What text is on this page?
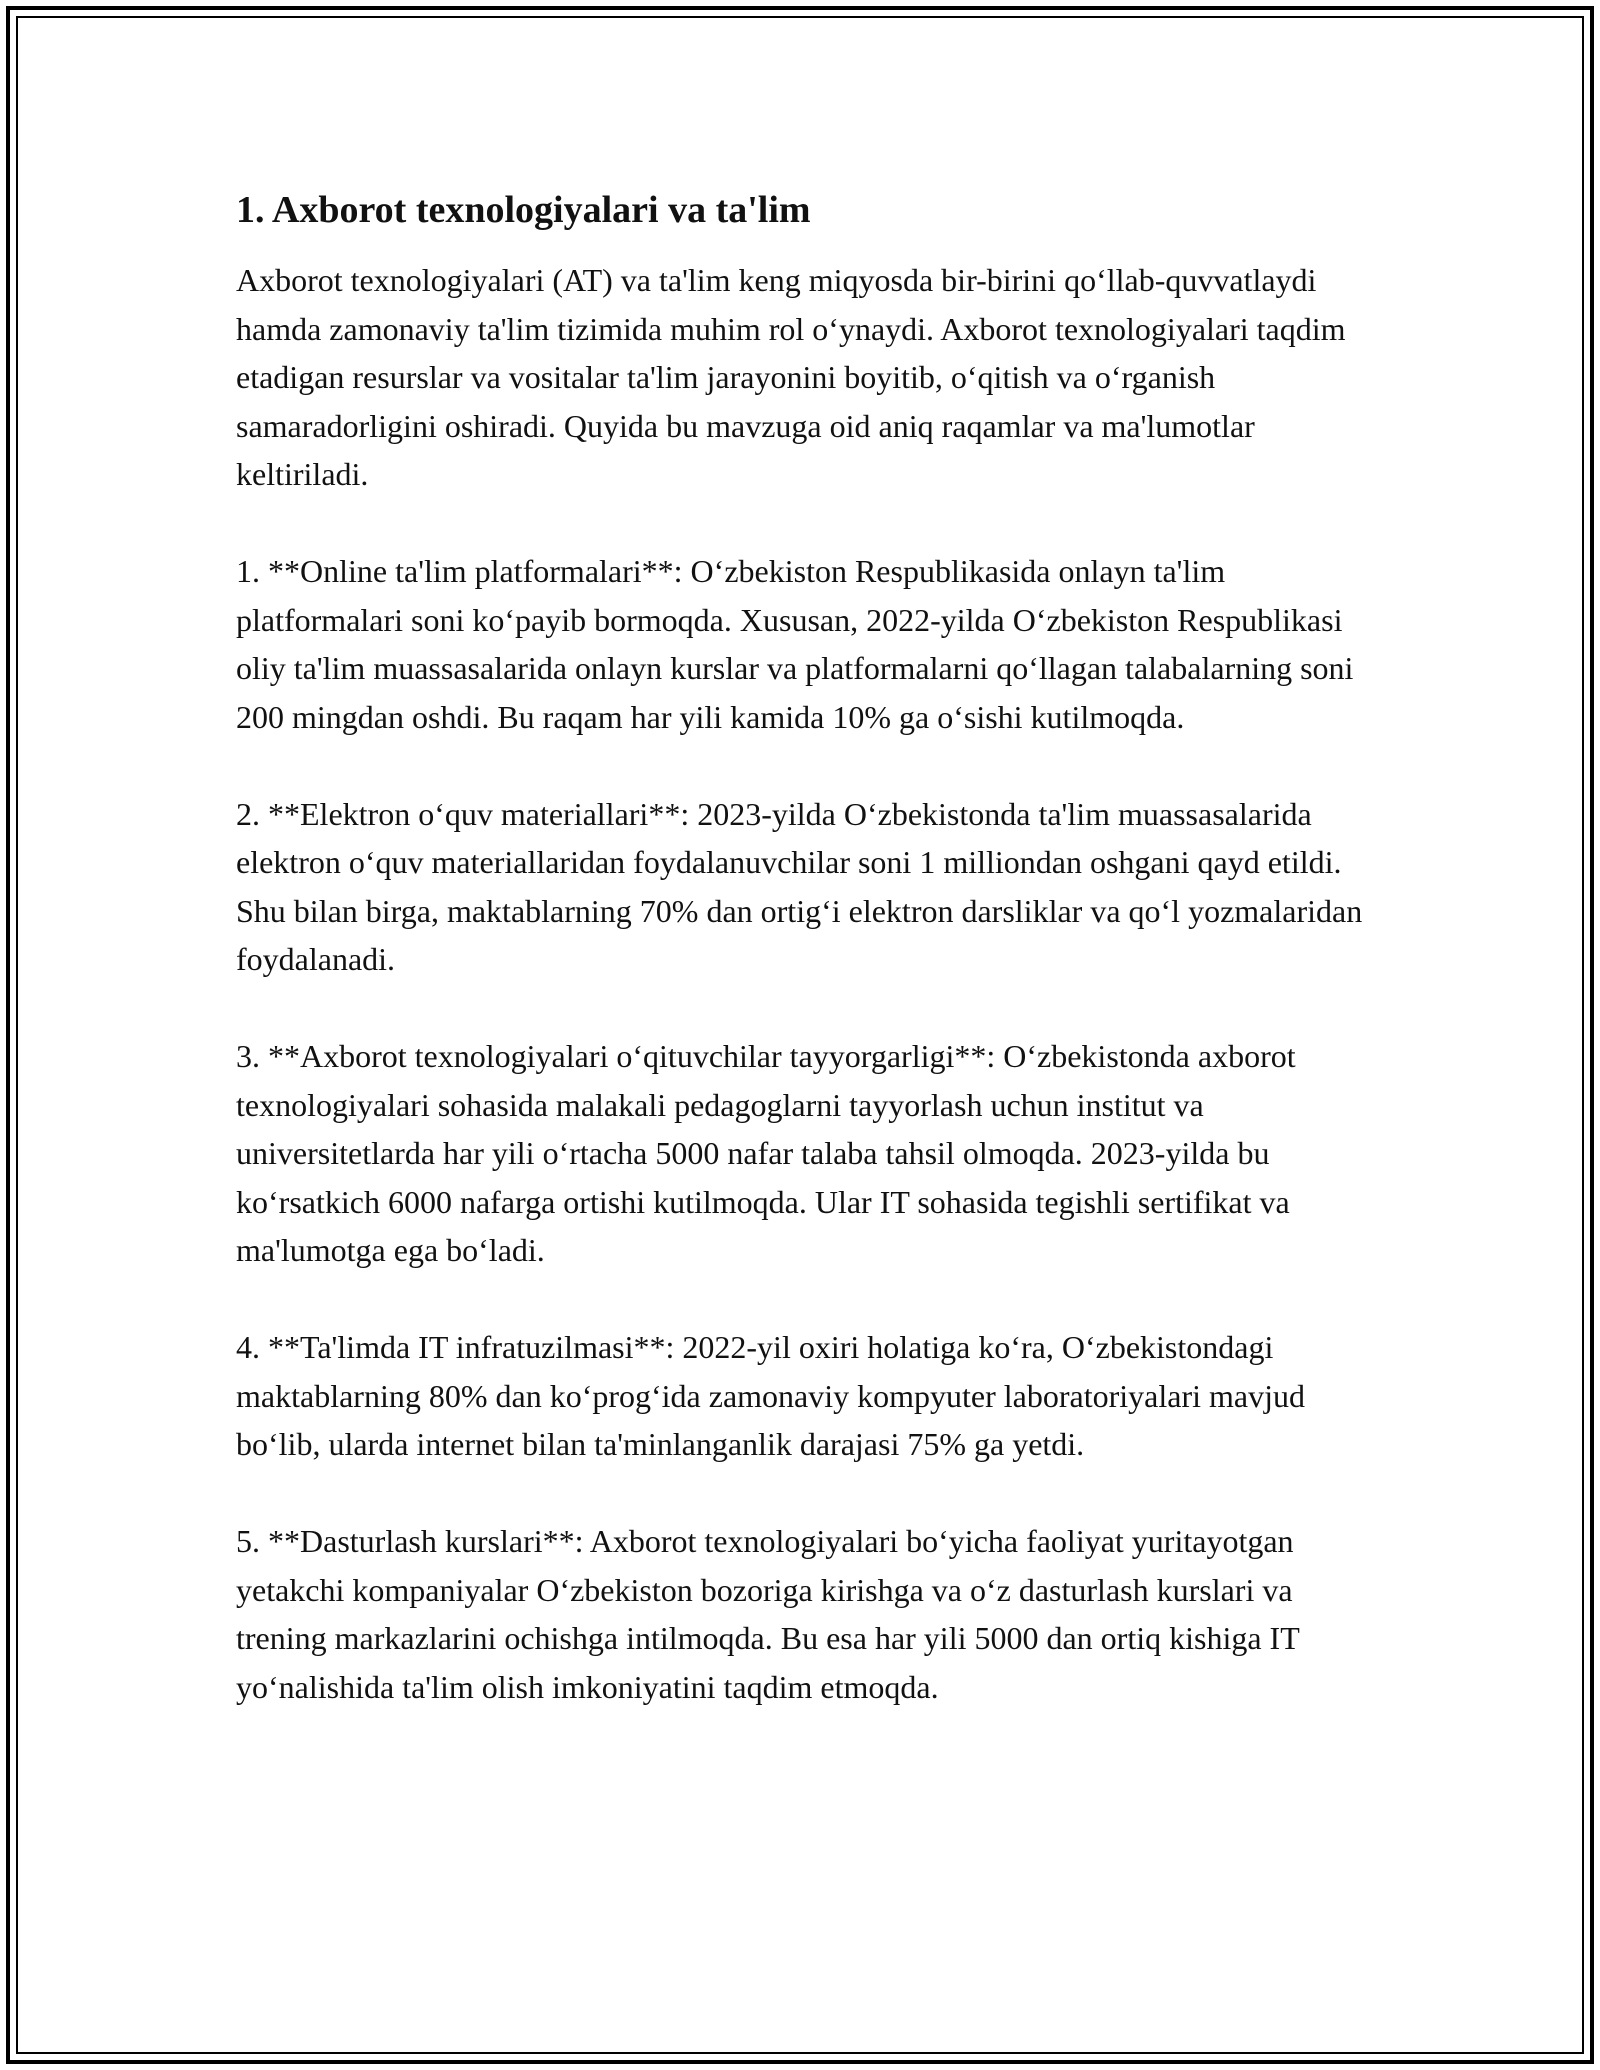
1. Axborot texnologiyalari va ta'lim

Axborot texnologiyalari (AT) va ta'lim keng miqyosda bir-birini qo‘llab-quvvatlaydi hamda zamonaviy ta'lim tizimida muhim rol o‘ynaydi. Axborot texnologiyalari taqdim etadigan resurslar va vositalar ta'lim jarayonini boyitib, o‘qitish va o‘rganish samaradorligini oshiradi. Quyida bu mavzuga oid aniq raqamlar va ma'lumotlar keltiriladi.

1. **Online ta'lim platformalari**: O‘zbekiston Respublikasida onlayn ta'lim platformalari soni ko‘payib bormoqda. Xususan, 2022-yilda O‘zbekiston Respublikasi oliy ta'lim muassasalarida onlayn kurslar va platformalarni qo‘llagan talabalarning soni 200 mingdan oshdi. Bu raqam har yili kamida 10% ga o‘sishi kutilmoqda.

2. **Elektron o‘quv materiallari**: 2023-yilda O‘zbekistonda ta'lim muassasalarida elektron o‘quv materiallaridan foydalanuvchilar soni 1 milliondan oshgani qayd etildi. Shu bilan birga, maktablarning 70% dan ortig‘i elektron darsliklar va qo‘l yozmalaridan foydalanadi.

3. **Axborot texnologiyalari o‘qituvchilar tayyorgarligi**: O‘zbekistonda axborot texnologiyalari sohasida malakali pedagoglarni tayyorlash uchun institut va universitetlarda har yili o‘rtacha 5000 nafar talaba tahsil olmoqda. 2023-yilda bu ko‘rsatkich 6000 nafarga ortishi kutilmoqda. Ular IT sohasida tegishli sertifikat va ma'lumotga ega bo‘ladi.

4. **Ta'limda IT infratuzilmasi**: 2022-yil oxiri holatiga ko‘ra, O‘zbekistondagi maktablarning 80% dan ko‘prog‘ida zamonaviy kompyuter laboratoriyalari mavjud bo‘lib, ularda internet bilan ta'minlanganlik darajasi 75% ga yetdi.

5. **Dasturlash kurslari**: Axborot texnologiyalari bo‘yicha faoliyat yuritayotgan yetakchi kompaniyalar O‘zbekiston bozoriga kirishga va o‘z dasturlash kurslari va trening markazlarini ochishga intilmoqda. Bu esa har yili 5000 dan ortiq kishiga IT yo‘nalishida ta'lim olish imkoniyatini taqdim etmoqda.
